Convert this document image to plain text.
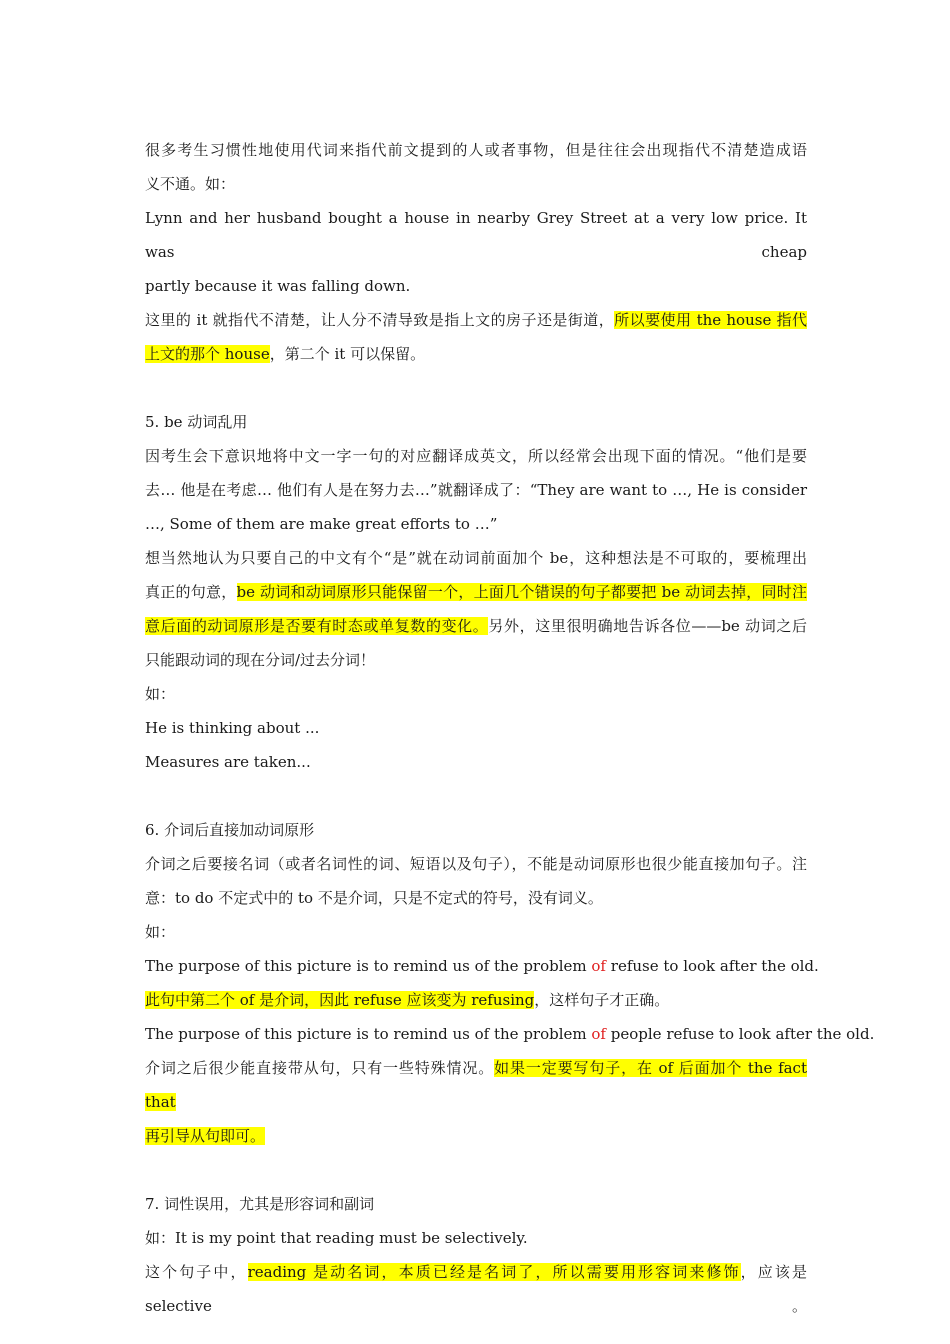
很多考生习惯性地使用代词来指代前文提到的人或者事物，但是往往会出现指代不清楚造成语
义不通。如：
Lynn and her husband bought a house in nearby Grey Street at a very low price. It was cheap
partly because it was falling down.
这里的 it 就指代不清楚，让人分不清导致是指上文的房子还是街道，所以要使用 the house 指代
上文的那个 house，第二个 it 可以保留。
5. be 动词乱用
因考生会下意识地将中文一字一句的对应翻译成英文，所以经常会出现下面的情况。“他们是要
去… 他是在考虑… 他们有人是在努力去…”就翻译成了：“They are want to …, He is consider
…, Some of them are make great efforts to …”
想当然地认为只要自己的中文有个“是”就在动词前面加个 be，这种想法是不可取的，要梳理出
真正的句意，be 动词和动词原形只能保留一个，上面几个错误的句子都要把 be 动词去掉，同时注
意后面的动词原形是否要有时态或单复数的变化。另外，这里很明确地告诉各位——be 动词之后
只能跟动词的现在分词/过去分词！
如：
He is thinking about ...
Measures are taken...
6. 介词后直接加动词原形
介词之后要接名词（或者名词性的词、短语以及句子），不能是动词原形也很少能直接加句子。注
意：to do 不定式中的 to 不是介词，只是不定式的符号，没有词义。
如：
The purpose of this picture is to remind us of the problem of refuse to look after the old.
此句中第二个 of 是介词，因此 refuse 应该变为 refusing，这样句子才正确。
The purpose of this picture is to remind us of the problem of people refuse to look after the old.
介词之后很少能直接带从句，只有一些特殊情况。如果一定要写句子，在 of 后面加个 the fact that
再引导从句即可。
7. 词性误用，尤其是形容词和副词
如：It is my point that reading must be selectively.
这个句子中，reading 是动名词，本质已经是名词了，所以需要用形容词来修饰，应该是 selective。
